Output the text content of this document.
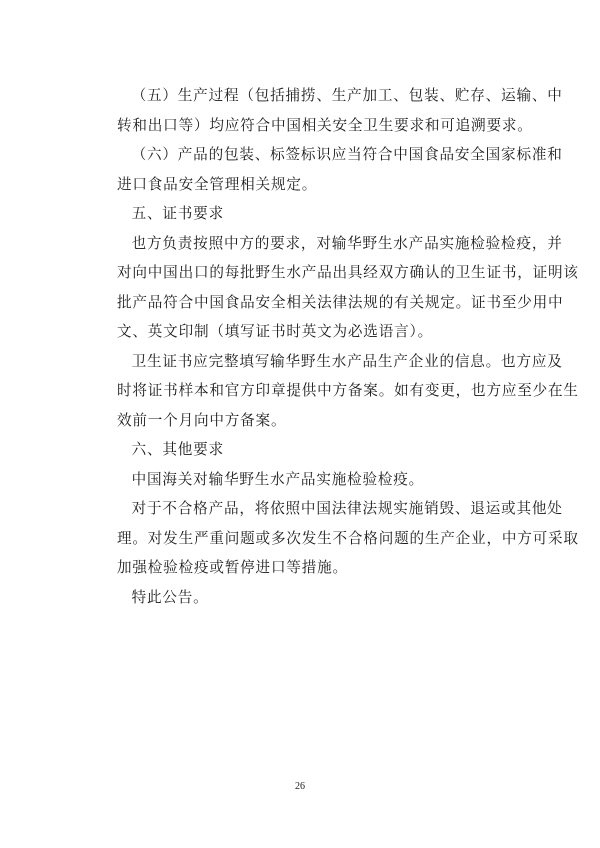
（五）生产过程（包括捕捞、生产加工、包装、贮存、运输、中
转和出口等）均应符合中国相关安全卫生要求和可追溯要求。

（六）产品的包装、标签标识应当符合中国食品安全国家标准和
进口食品安全管理相关规定。

五、证书要求

也方负责按照中方的要求，对输华野生水产品实施检验检疫，并
对向中国出口的每批野生水产品出具经双方确认的卫生证书，证明该
批产品符合中国食品安全相关法律法规的有关规定。证书至少用中
文、英文印制（填写证书时英文为必选语言）。

卫生证书应完整填写输华野生水产品生产企业的信息。也方应及
时将证书样本和官方印章提供中方备案。如有变更，也方应至少在生
效前一个月向中方备案。

六、其他要求

中国海关对输华野生水产品实施检验检疫。

对于不合格产品，将依照中国法律法规实施销毁、退运或其他处
理。对发生严重问题或多次发生不合格问题的生产企业，中方可采取
加强检验检疫或暂停进口等措施。

特此公告。

26
